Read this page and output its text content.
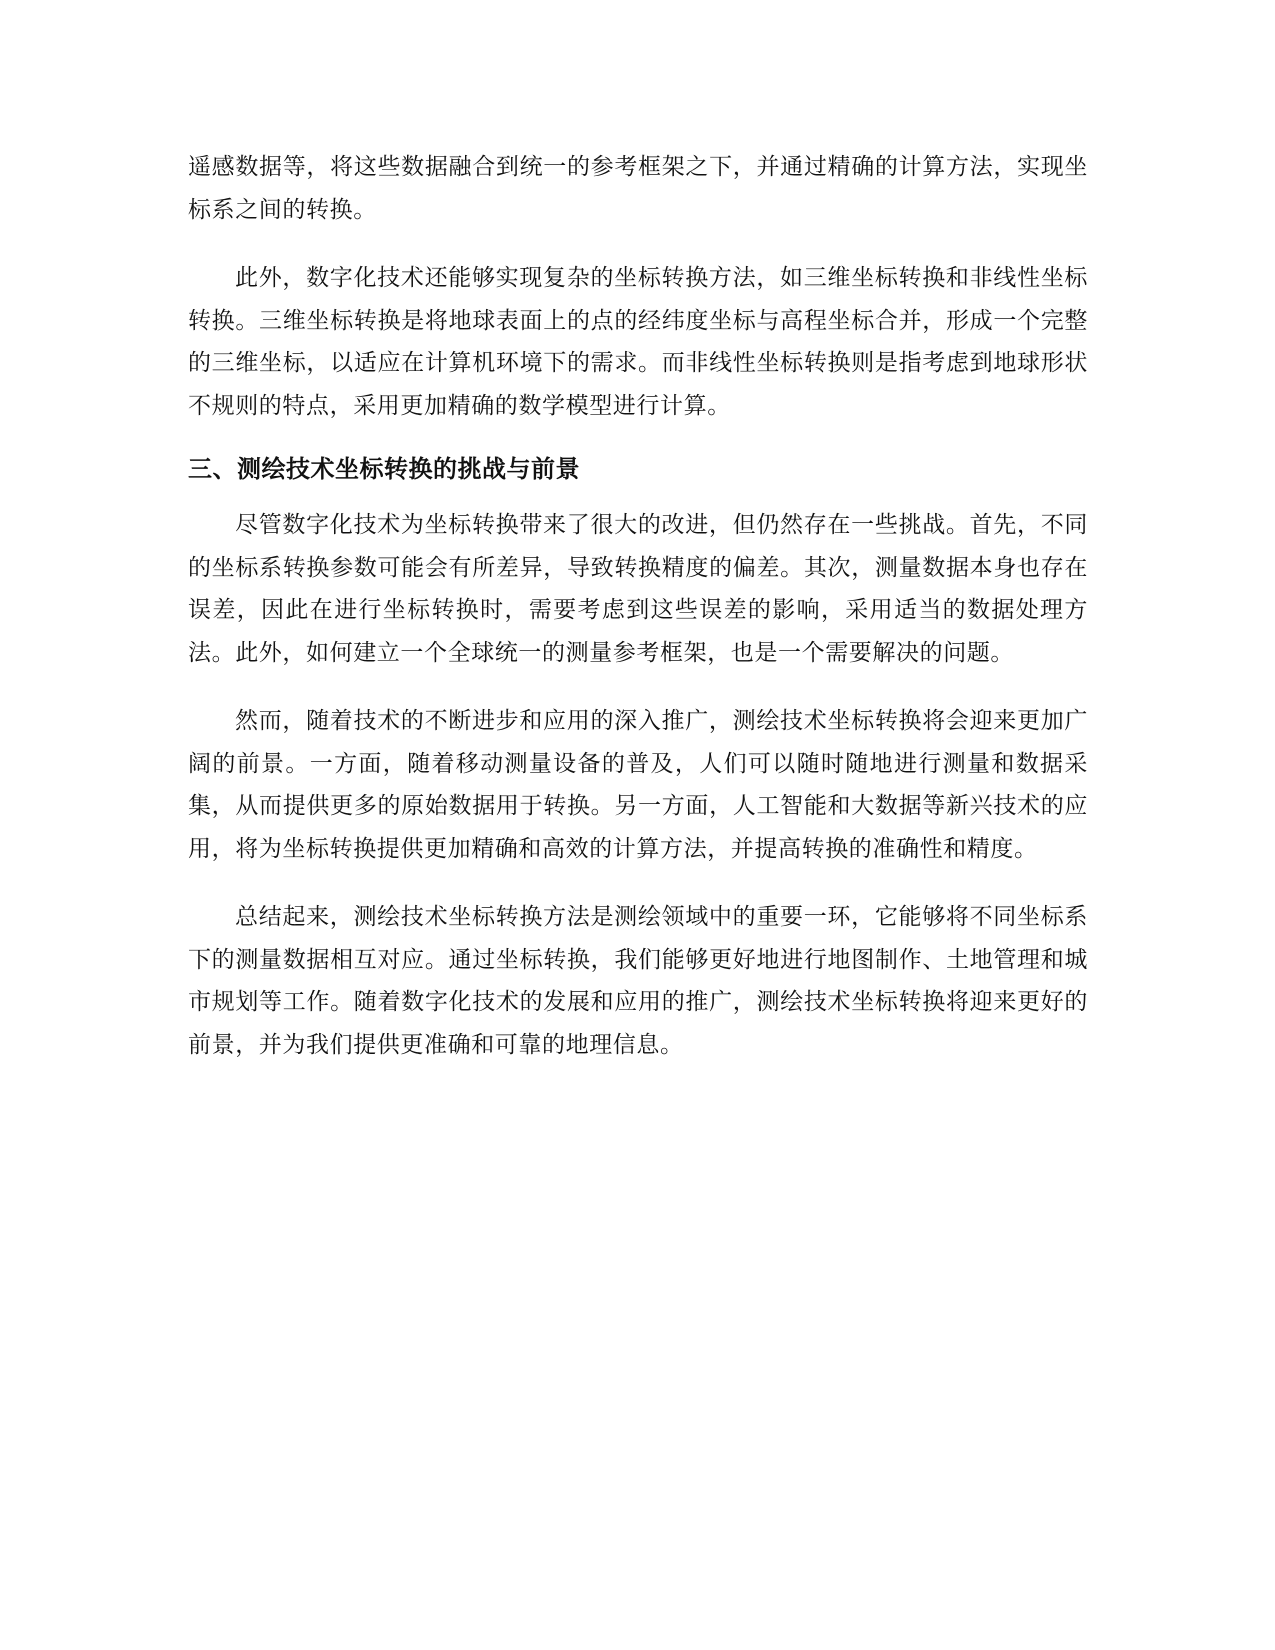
遥感数据等，将这些数据融合到统一的参考框架之下，并通过精确的计算方法，实现坐标系之间的转换。

此外，数字化技术还能够实现复杂的坐标转换方法，如三维坐标转换和非线性坐标转换。三维坐标转换是将地球表面上的点的经纬度坐标与高程坐标合并，形成一个完整的三维坐标，以适应在计算机环境下的需求。而非线性坐标转换则是指考虑到地球形状不规则的特点，采用更加精确的数学模型进行计算。

三、测绘技术坐标转换的挑战与前景

尽管数字化技术为坐标转换带来了很大的改进，但仍然存在一些挑战。首先，不同的坐标系转换参数可能会有所差异，导致转换精度的偏差。其次，测量数据本身也存在误差，因此在进行坐标转换时，需要考虑到这些误差的影响，采用适当的数据处理方法。此外，如何建立一个全球统一的测量参考框架，也是一个需要解决的问题。

然而，随着技术的不断进步和应用的深入推广，测绘技术坐标转换将会迎来更加广阔的前景。一方面，随着移动测量设备的普及，人们可以随时随地进行测量和数据采集，从而提供更多的原始数据用于转换。另一方面，人工智能和大数据等新兴技术的应用，将为坐标转换提供更加精确和高效的计算方法，并提高转换的准确性和精度。

总结起来，测绘技术坐标转换方法是测绘领域中的重要一环，它能够将不同坐标系下的测量数据相互对应。通过坐标转换，我们能够更好地进行地图制作、土地管理和城市规划等工作。随着数字化技术的发展和应用的推广，测绘技术坐标转换将迎来更好的前景，并为我们提供更准确和可靠的地理信息。
